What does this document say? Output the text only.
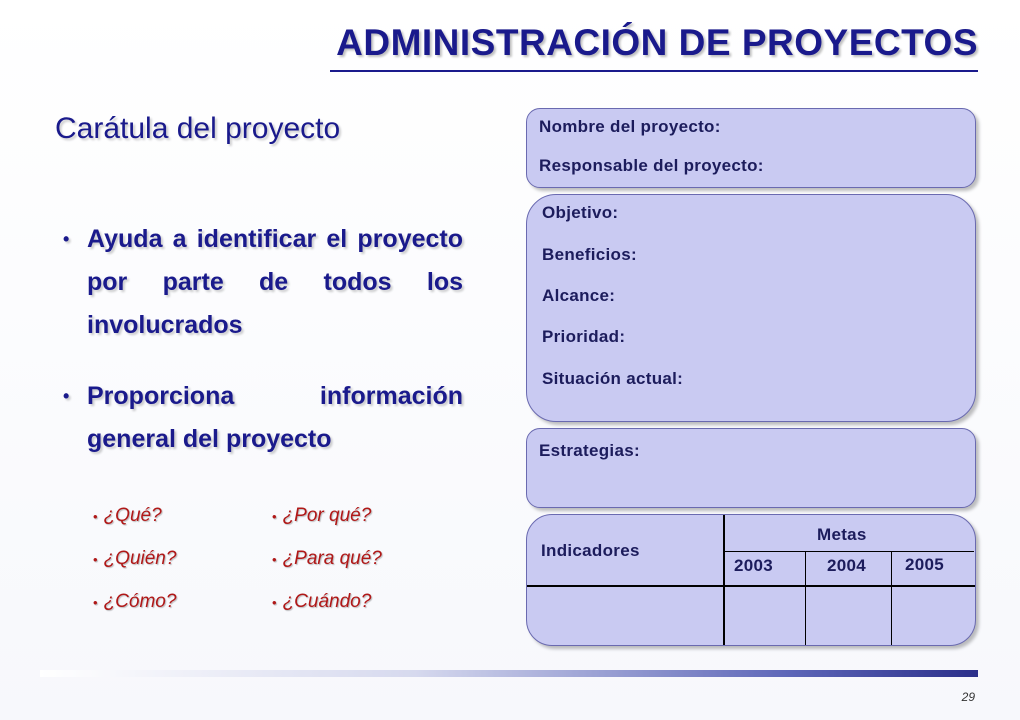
ADMINISTRACIÓN DE PROYECTOS
Carátula del proyecto
• Ayuda a identificar el proyecto por parte de todos los involucrados
• Proporciona información general del proyecto
• ¿Qué?	• ¿Por qué?
• ¿Quién?	• ¿Para qué?
• ¿Cómo?	• ¿Cuándo?
Nombre del proyecto:
Responsable del proyecto:
Objetivo:
Beneficios:
Alcance:
Prioridad:
Situación actual:
Estrategias:
Indicadores
Metas
2003	2004 2005
29
